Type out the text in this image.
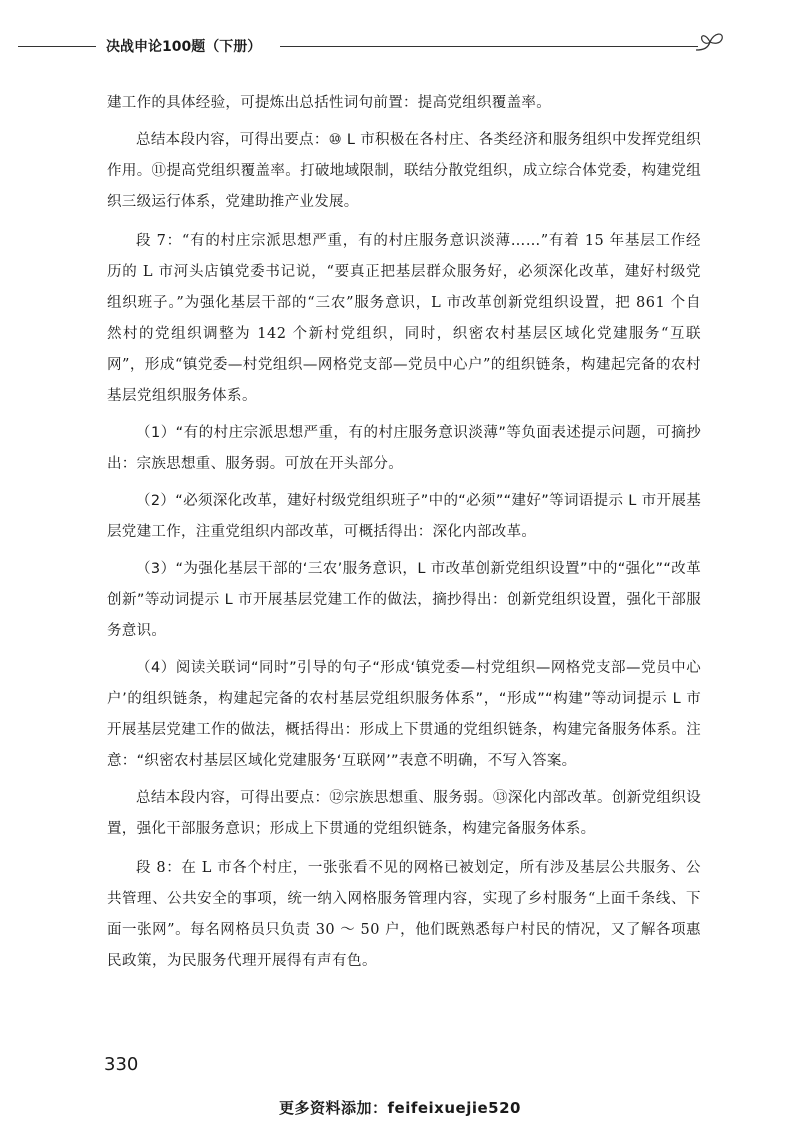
决战申论100题（下册）

建工作的具体经验，可提炼出总括性词句前置：提高党组织覆盖率。

总结本段内容，可得出要点：⑩ L 市积极在各村庄、各类经济和服务组织中发挥党组织作用。⑪提高党组织覆盖率。打破地域限制，联结分散党组织，成立综合体党委，构建党组织三级运行体系，党建助推产业发展。

段 7：“有的村庄宗派思想严重，有的村庄服务意识淡薄……”有着 15 年基层工作经历的 L 市河头店镇党委书记说，“要真正把基层群众服务好，必须深化改革，建好村级党组织班子。”为强化基层干部的“三农”服务意识，L 市改革创新党组织设置，把 861 个自然村的党组织调整为 142 个新村党组织，同时，织密农村基层区域化党建服务“互联网”，形成“镇党委—村党组织—网格党支部—党员中心户”的组织链条，构建起完备的农村基层党组织服务体系。

（1）“有的村庄宗派思想严重，有的村庄服务意识淡薄”等负面表述提示问题，可摘抄出：宗族思想重、服务弱。可放在开头部分。

（2）“必须深化改革，建好村级党组织班子”中的“必须”“建好”等词语提示 L 市开展基层党建工作，注重党组织内部改革，可概括得出：深化内部改革。

（3）“为强化基层干部的‘三农’服务意识，L 市改革创新党组织设置”中的“强化”“改革创新”等动词提示 L 市开展基层党建工作的做法，摘抄得出：创新党组织设置，强化干部服务意识。

（4）阅读关联词“同时”引导的句子“形成‘镇党委—村党组织—网格党支部—党员中心户’的组织链条，构建起完备的农村基层党组织服务体系”，“形成”“构建”等动词提示 L 市开展基层党建工作的做法，概括得出：形成上下贯通的党组织链条，构建完备服务体系。注意：“织密农村基层区域化党建服务‘互联网’”表意不明确，不写入答案。

总结本段内容，可得出要点：⑫宗族思想重、服务弱。⑬深化内部改革。创新党组织设置，强化干部服务意识；形成上下贯通的党组织链条，构建完备服务体系。

段 8：在 L 市各个村庄，一张张看不见的网格已被划定，所有涉及基层公共服务、公共管理、公共安全的事项，统一纳入网格服务管理内容，实现了乡村服务“上面千条线、下面一张网”。每名网格员只负责 30 ～ 50 户，他们既熟悉每户村民的情况，又了解各项惠民政策，为民服务代理开展得有声有色。

330
更多资料添加：feifeixuejie520
